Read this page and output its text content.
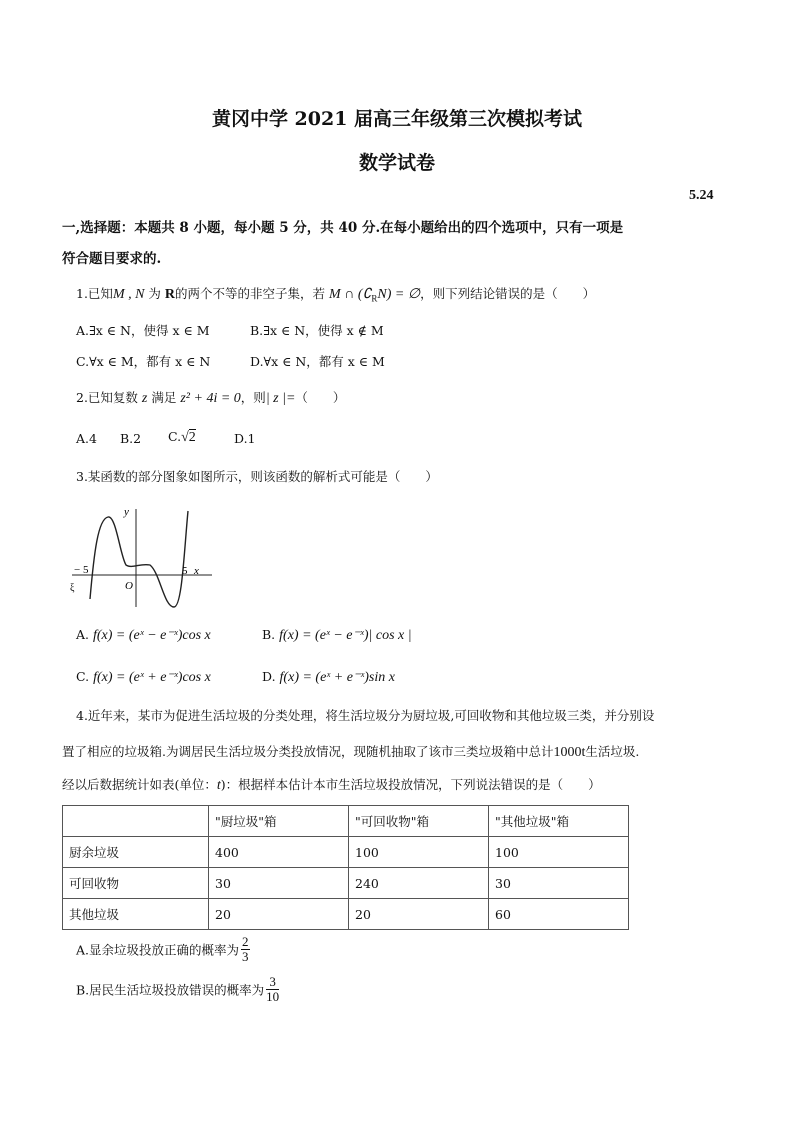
黄冈中学 2021 届高三年级第三次模拟考试
数学试卷
5.24
一,选择题：本题共 8 小题，每小题 5 分，共 40 分.在每小题给出的四个选项中，只有一项是
符合题目要求的.
1.已知M , N 为 R的两个不等的非空子集，若 M ∩ $(∁_RN)$ = ∅，则下列结论错误的是（　　）
A.∃x ∈ N，使得 x ∈ M	B.∃x ∈ N，使得 x ∉ M
C.∀x ∈ M，都有 x ∈ N	D.∀x ∈ N，都有 x ∈ M
2.已知复数 z 满足 z² + 4i = 0，则| z |=（　　）
A.4 B.2 C.√2	D.1
3.某函数的部分图象如图所示，则该函数的解析式可能是（　　）
y
x
O
− 5	5
ξ
A. f(x) = (eˣ − e⁻ˣ)cos x	B. f(x) = (eˣ − e⁻ˣ)| cos x |
C. f(x) = (eˣ + e⁻ˣ)cos x	D. f(x) = (eˣ + e⁻ˣ)sin x
4.近年来，某市为促进生活垃圾的分类处理，将生活垃圾分为厨垃圾,可回收物和其他垃圾三类，并分别设
置了相应的垃圾箱.为调居民生活垃圾分类投放情况，现随机抽取了该市三类垃圾箱中总计1000t生活垃圾.
经以后数据统计如表(单位：t)：根据样本估计本市生活垃圾投放情况，下列说法错误的是（　　）
	"厨垃圾"箱	"可回收物"箱	"其他垃圾"箱
厨余垃圾	400	100	100
可回收物	30	240	30
其他垃圾	20	20	60
A.显余垃圾投放正确的概率为 $\frac{2}{3}$
B.居民生活垃圾投放错误的概率为 $\frac{3}{10}$
